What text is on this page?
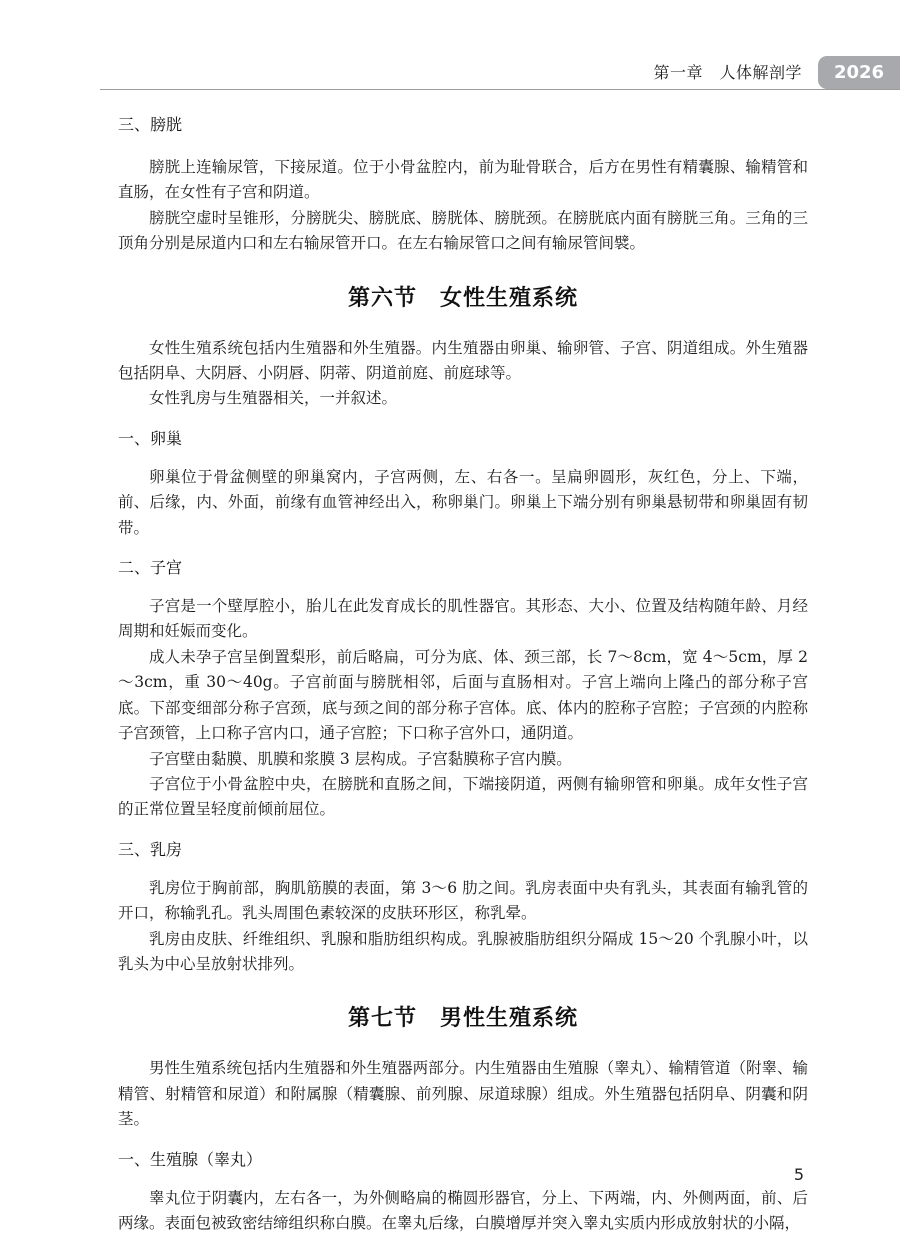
第一章　人体解剖学	2026
三、膀胱

膀胱上连输尿管，下接尿道。位于小骨盆腔内，前为耻骨联合，后方在男性有精囊腺、输精管和直肠，在女性有子宫和阴道。

膀胱空虚时呈锥形，分膀胱尖、膀胱底、膀胱体、膀胱颈。在膀胱底内面有膀胱三角。三角的三顶角分别是尿道内口和左右输尿管开口。在左右输尿管口之间有输尿管间襞。

第六节　女性生殖系统

女性生殖系统包括内生殖器和外生殖器。内生殖器由卵巢、输卵管、子宫、阴道组成。外生殖器包括阴阜、大阴唇、小阴唇、阴蒂、阴道前庭、前庭球等。

女性乳房与生殖器相关，一并叙述。

一、卵巢

卵巢位于骨盆侧壁的卵巢窝内，子宫两侧，左、右各一。呈扁卵圆形，灰红色，分上、下端，前、后缘，内、外面，前缘有血管神经出入，称卵巢门。卵巢上下端分别有卵巢悬韧带和卵巢固有韧带。

二、子宫

子宫是一个壁厚腔小，胎儿在此发育成长的肌性器官。其形态、大小、位置及结构随年龄、月经周期和妊娠而变化。

成人未孕子宫呈倒置梨形，前后略扁，可分为底、体、颈三部，长 7～8cm，宽 4～5cm，厚 2～3cm，重 30～40g。子宫前面与膀胱相邻，后面与直肠相对。子宫上端向上隆凸的部分称子宫底。下部变细部分称子宫颈，底与颈之间的部分称子宫体。底、体内的腔称子宫腔；子宫颈的内腔称子宫颈管，上口称子宫内口，通子宫腔；下口称子宫外口，通阴道。

子宫壁由黏膜、肌膜和浆膜 3 层构成。子宫黏膜称子宫内膜。

子宫位于小骨盆腔中央，在膀胱和直肠之间，下端接阴道，两侧有输卵管和卵巢。成年女性子宫的正常位置呈轻度前倾前屈位。

三、乳房

乳房位于胸前部，胸肌筋膜的表面，第 3～6 肋之间。乳房表面中央有乳头，其表面有输乳管的开口，称输乳孔。乳头周围色素较深的皮肤环形区，称乳晕。

乳房由皮肤、纤维组织、乳腺和脂肪组织构成。乳腺被脂肪组织分隔成 15～20 个乳腺小叶，以乳头为中心呈放射状排列。

第七节　男性生殖系统

男性生殖系统包括内生殖器和外生殖器两部分。内生殖器由生殖腺（睾丸）、输精管道（附睾、输精管、射精管和尿道）和附属腺（精囊腺、前列腺、尿道球腺）组成。外生殖器包括阴阜、阴囊和阴茎。

一、生殖腺（睾丸）

睾丸位于阴囊内，左右各一，为外侧略扁的椭圆形器官，分上、下两端，内、外侧两面，前、后两缘。表面包被致密结缔组织称白膜。在睾丸后缘，白膜增厚并突入睾丸实质内形成放射状的小隔，

5
